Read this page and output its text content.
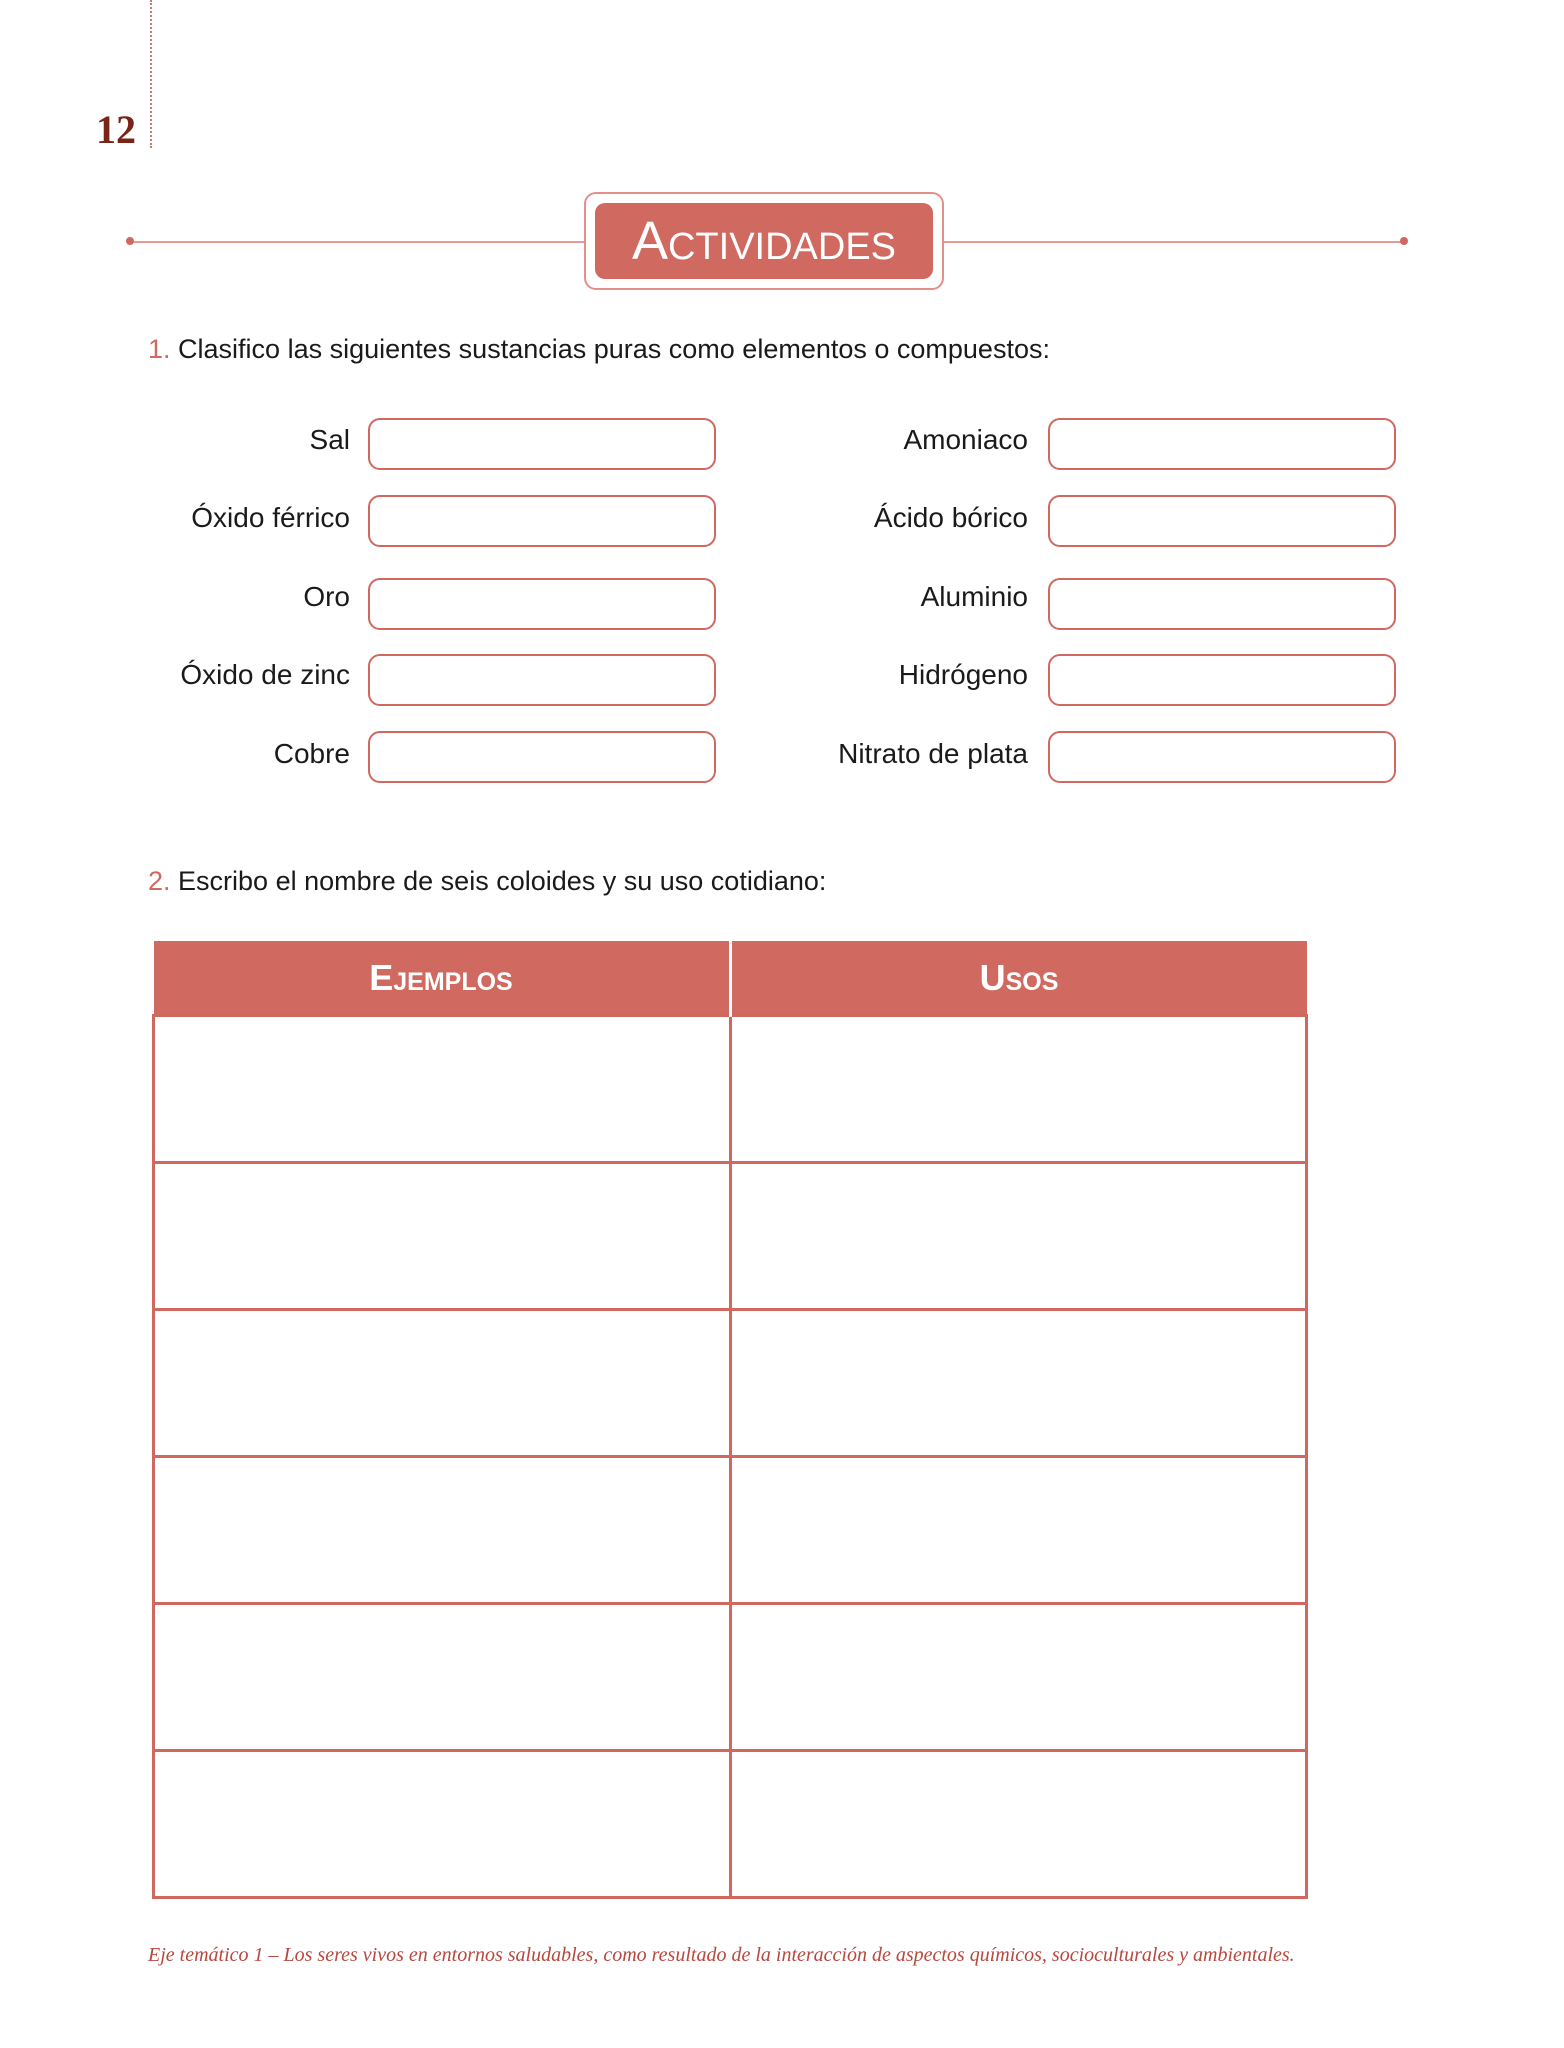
12
Actividades
1. Clasifico las siguientes sustancias puras como elementos o compuestos:
Sal
Óxido férrico
Oro
Óxido de zinc
Cobre
Amoniaco
Ácido bórico
Aluminio
Hidrógeno
Nitrato de plata
2. Escribo el nombre de seis coloides y su uso cotidiano:
Ejemplos	Usos

Eje temático 1 – Los seres vivos en entornos saludables, como resultado de la interacción de aspectos químicos, socioculturales y ambientales.
